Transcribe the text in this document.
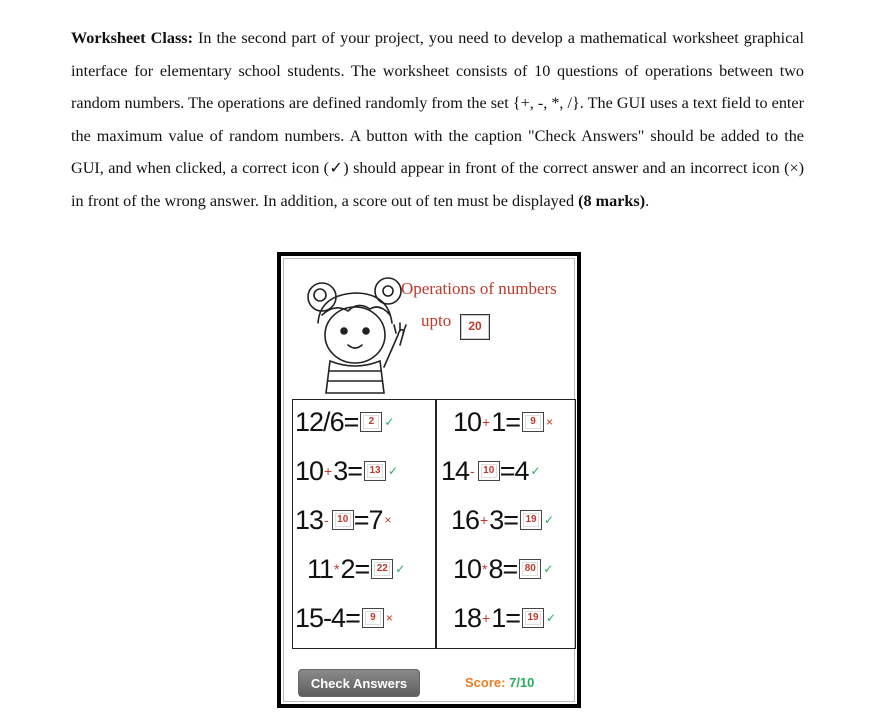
Worksheet Class: In the second part of your project, you need to develop a mathematical worksheet graphical interface for elementary school students. The worksheet consists of 10 questions of operations between two random numbers. The operations are defined randomly from the set {+, -, *, /}. The GUI uses a text field to enter the maximum value of random numbers. A button with the caption "Check Answers" should be added to the GUI, and when clicked, a correct icon (✓) should appear in front of the correct answer and an incorrect icon (×) in front of the wrong answer. In addition, a score out of ten must be displayed (8 marks).
Operations of numbers
upto	20
12 / 6 =	2 ✓
10 + 3 = 13 ✓
13 - 10 = 7 ×
11 * 2 = 22 ✓
15 - 4 =	9 ×
10 + 1 =	9 ×
14 - 10 = 4 ✓
16 + 3 = 19 ✓
10 * 8 = 80 ✓
18 + 1 = 19 ✓
Check Answers	Score: 7/10
